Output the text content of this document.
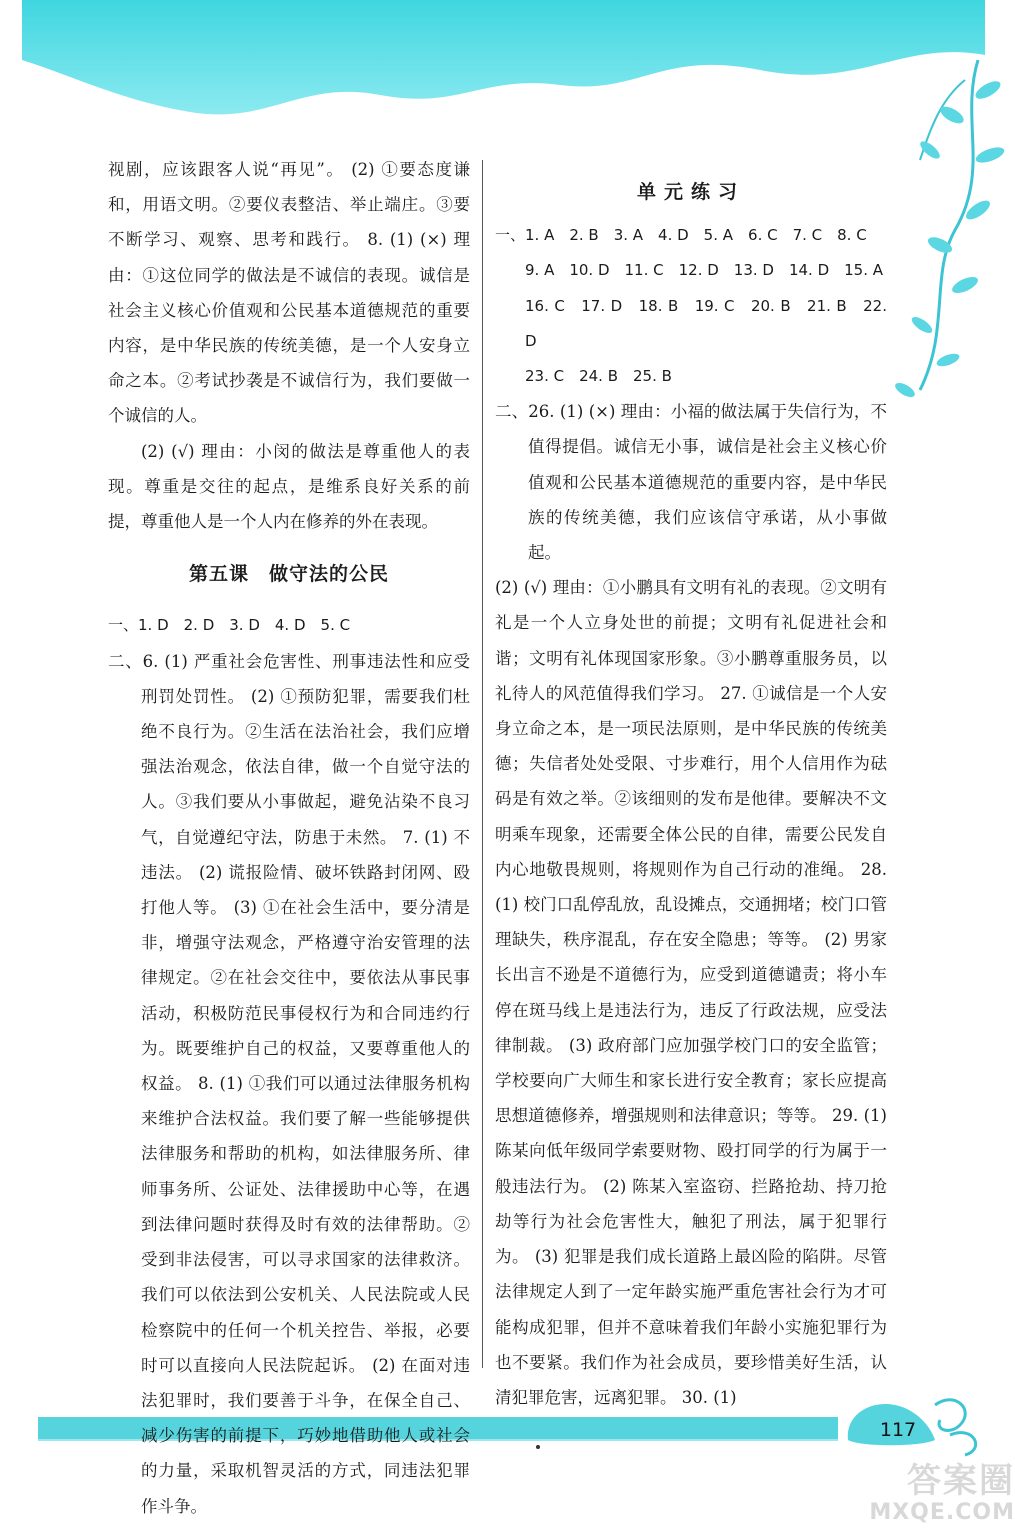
117
答案圈
MXQE.COM

视剧，应该跟客人说“再见”。 (2) ①要态度谦和，用语文明。②要仪表整洁、举止端庄。③要不断学习、观察、思考和践行。 8. (1) (×) 理由：①这位同学的做法是不诚信的表现。诚信是社会主义核心价值观和公民基本道德规范的重要内容，是中华民族的传统美德，是一个人安身立命之本。②考试抄袭是不诚信行为，我们要做一个诚信的人。

(2) (√) 理由：小闵的做法是尊重他人的表现。尊重是交往的起点，是维系良好关系的前提，尊重他人是一个人内在修养的外在表现。

第五课　做守法的公民

一、1. D　2. D　3. D　4. D　5. C

二、6. (1) 严重社会危害性、刑事违法性和应受刑罚处罚性。 (2) ①预防犯罪，需要我们杜绝不良行为。②生活在法治社会，我们应增强法治观念，依法自律，做一个自觉守法的人。③我们要从小事做起，避免沾染不良习气，自觉遵纪守法，防患于未然。 7. (1) 不违法。 (2) 谎报险情、破坏铁路封闭网、殴打他人等。 (3) ①在社会生活中，要分清是非，增强守法观念，严格遵守治安管理的法律规定。②在社会交往中，要依法从事民事活动，积极防范民事侵权行为和合同违约行为。既要维护自己的权益，又要尊重他人的权益。 8. (1) ①我们可以通过法律服务机构来维护合法权益。我们要了解一些能够提供法律服务和帮助的机构，如法律服务所、律师事务所、公证处、法律援助中心等，在遇到法律问题时获得及时有效的法律帮助。②受到非法侵害，可以寻求国家的法律救济。我们可以依法到公安机关、人民法院或人民检察院中的任何一个机关控告、举报，必要时可以直接向人民法院起诉。 (2) 在面对违法犯罪时，我们要善于斗争，在保全自己、减少伤害的前提下，巧妙地借助他人或社会的力量，采取机智灵活的方式，同违法犯罪作斗争。

单元练习

一、1. A　2. B　3. A　4. D　5. A　6. C　7. C　8. C

9. A　10. D　11. C　12. D　13. D　14. D　15. A

16. C　17. D　18. B　19. C　20. B　21. B　22. D

23. C　24. B　25. B

二、26. (1) (×) 理由：小福的做法属于失信行为，不值得提倡。诚信无小事，诚信是社会主义核心价值观和公民基本道德规范的重要内容，是中华民族的传统美德，我们应该信守承诺，从小事做起。

(2) (√) 理由：①小鹏具有文明有礼的表现。②文明有礼是一个人立身处世的前提；文明有礼促进社会和谐；文明有礼体现国家形象。③小鹏尊重服务员，以礼待人的风范值得我们学习。 27. ①诚信是一个人安身立命之本，是一项民法原则，是中华民族的传统美德；失信者处处受限、寸步难行，用个人信用作为砝码是有效之举。②该细则的发布是他律。要解决不文明乘车现象，还需要全体公民的自律，需要公民发自内心地敬畏规则，将规则作为自己行动的准绳。 28. (1) 校门口乱停乱放，乱设摊点，交通拥堵；校门口管理缺失，秩序混乱，存在安全隐患；等等。 (2) 男家长出言不逊是不道德行为，应受到道德谴责；将小车停在斑马线上是违法行为，违反了行政法规，应受法律制裁。 (3) 政府部门应加强学校门口的安全监管；学校要向广大师生和家长进行安全教育；家长应提高思想道德修养，增强规则和法律意识；等等。 29. (1) 陈某向低年级同学索要财物、殴打同学的行为属于一般违法行为。 (2) 陈某入室盗窃、拦路抢劫、持刀抢劫等行为社会危害性大，触犯了刑法，属于犯罪行为。 (3) 犯罪是我们成长道路上最凶险的陷阱。尽管法律规定人到了一定年龄实施严重危害社会行为才可能构成犯罪，但并不意味着我们年龄小实施犯罪行为也不要紧。我们作为社会成员，要珍惜美好生活，认清犯罪危害，远离犯罪。 30. (1)
